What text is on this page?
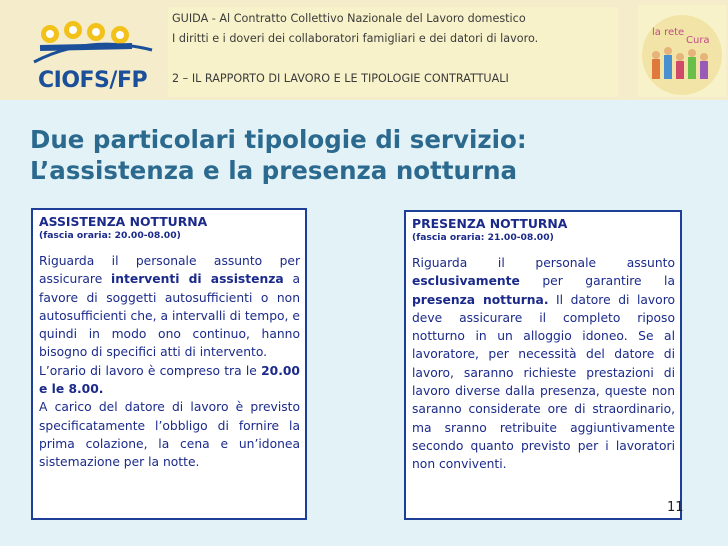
CIOFS/FP
GUIDA - Al Contratto Collettivo Nazionale del Lavoro domestico
I diritti e i doveri dei collaboratori famigliari e dei datori di lavoro.
2 – IL RAPPORTO DI LAVORO E LE TIPOLOGIE CONTRATTUALI
la rete
Cura
Due particolari tipologie di servizio:
L’assistenza e la presenza notturna
ASSISTENZA NOTTURNA
(fascia oraria: 20.00-08.00)

Riguarda il personale assunto per assicurare interventi di assistenza a favore di soggetti autosufficienti o non autosufficienti che, a intervalli di tempo, e quindi in modo ono continuo, hanno bisogno di specifici atti di intervento.

L’orario di lavoro è compreso tra le 20.00 e le 8.00.

A carico del datore di lavoro è previsto specificatamente l’obbligo di fornire la prima colazione, la cena e un’idonea sistemazione per la notte.

PRESENZA NOTTURNA
(fascia oraria: 21.00-08.00)

Riguarda il personale assunto esclusivamente per garantire la presenza notturna. Il datore di lavoro deve assicurare il completo riposo notturno in un alloggio idoneo. Se al lavoratore, per necessità del datore di lavoro, saranno richieste prestazioni di lavoro diverse dalla presenza, queste non saranno considerate ore di straordinario, ma sranno retribuite aggiuntivamente secondo quanto previsto per i lavoratori non conviventi.

11
